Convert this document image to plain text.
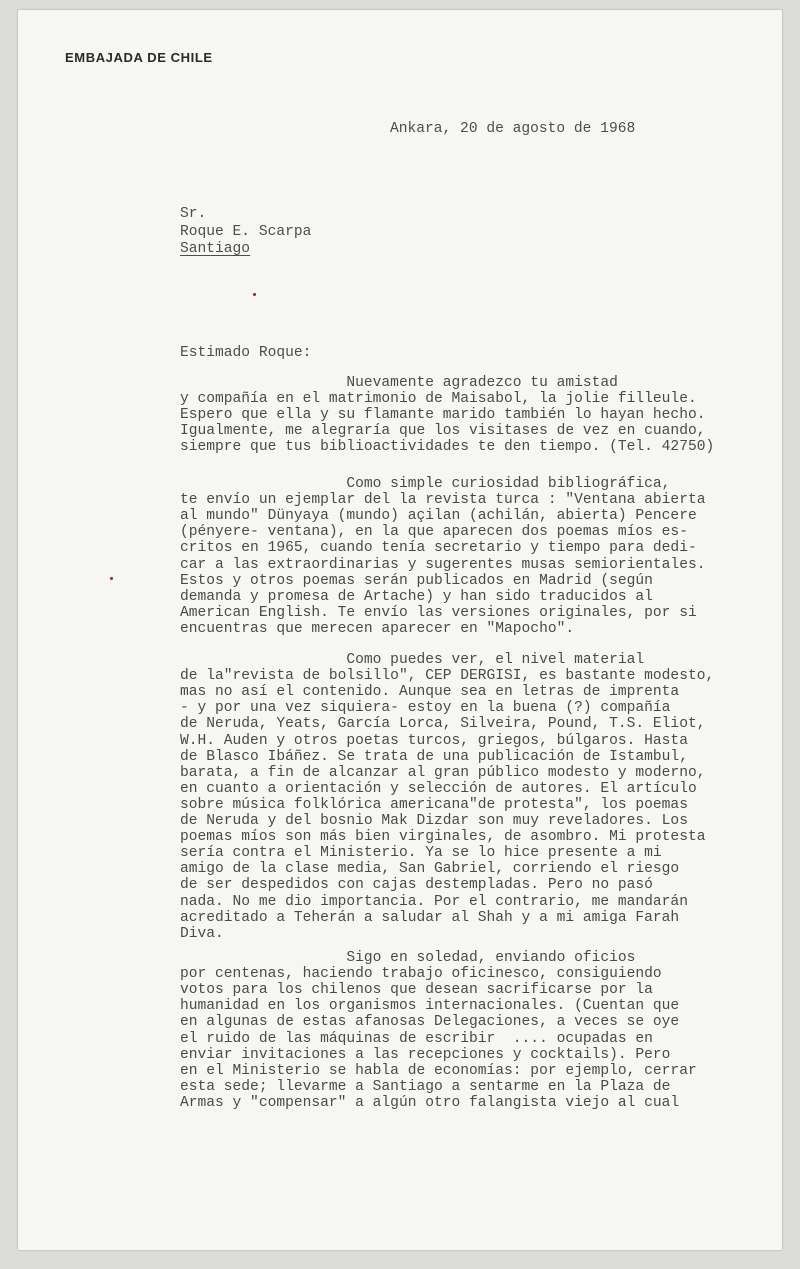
EMBAJADA DE CHILE
Ankara, 20 de agosto de 1968
Sr.
Roque E. Scarpa
Santiago
Estimado Roque:
Nuevamente agradezco tu amistad
y compañía en el matrimonio de Maisabol, la jolie filleule.
Espero que ella y su flamante marido también lo hayan hecho.
Igualmente, me alegraría que los visitases de vez en cuando,
siempre que tus biblioactividades te den tiempo. (Tel. 42750)
Como simple curiosidad bibliográfica,
te envío un ejemplar del la revista turca : "Ventana abierta
al mundo" Dünyaya (mundo) açilan (achilán, abierta) Pencere
(pényere- ventana), en la que aparecen dos poemas míos es-
critos en 1965, cuando tenía secretario y tiempo para dedi-
car a las extraordinarias y sugerentes musas semiorientales.
Estos y otros poemas serán publicados en Madrid (según
demanda y promesa de Artache) y han sido traducidos al
American English. Te envío las versiones originales, por si
encuentras que merecen aparecer en "Mapocho".
Como puedes ver, el nivel material
de la"revista de bolsillo", CEP DERGISI, es bastante modesto,
mas no así el contenido. Aunque sea en letras de imprenta
- y por una vez siquiera- estoy en la buena (?) compañía
de Neruda, Yeats, García Lorca, Silveira, Pound, T.S. Eliot,
W.H. Auden y otros poetas turcos, griegos, búlgaros. Hasta
de Blasco Ibáñez. Se trata de una publicación de Istambul,
barata, a fin de alcanzar al gran público modesto y moderno,
en cuanto a orientación y selección de autores. El artículo
sobre música folklórica americana"de protesta", los poemas
de Neruda y del bosnio Mak Dizdar son muy reveladores. Los
poemas míos son más bien virginales, de asombro. Mi protesta
sería contra el Ministerio. Ya se lo hice presente a mi
amigo de la clase media, San Gabriel, corriendo el riesgo
de ser despedidos con cajas destempladas. Pero no pasó
nada. No me dio importancia. Por el contrario, me mandarán
acreditado a Teherán a saludar al Shah y a mi amiga Farah
Diva.
Sigo en soledad, enviando oficios
por centenas, haciendo trabajo oficinesco, consiguiendo
votos para los chilenos que desean sacrificarse por la
humanidad en los organismos internacionales. (Cuentan que
en algunas de estas afanosas Delegaciones, a veces se oye
el ruido de las máquinas de escribir  .... ocupadas en
enviar invitaciones a las recepciones y cocktails). Pero
en el Ministerio se habla de economías: por ejemplo, cerrar
esta sede; llevarme a Santiago a sentarme en la Plaza de
Armas y "compensar" a algún otro falangista viejo al cual
